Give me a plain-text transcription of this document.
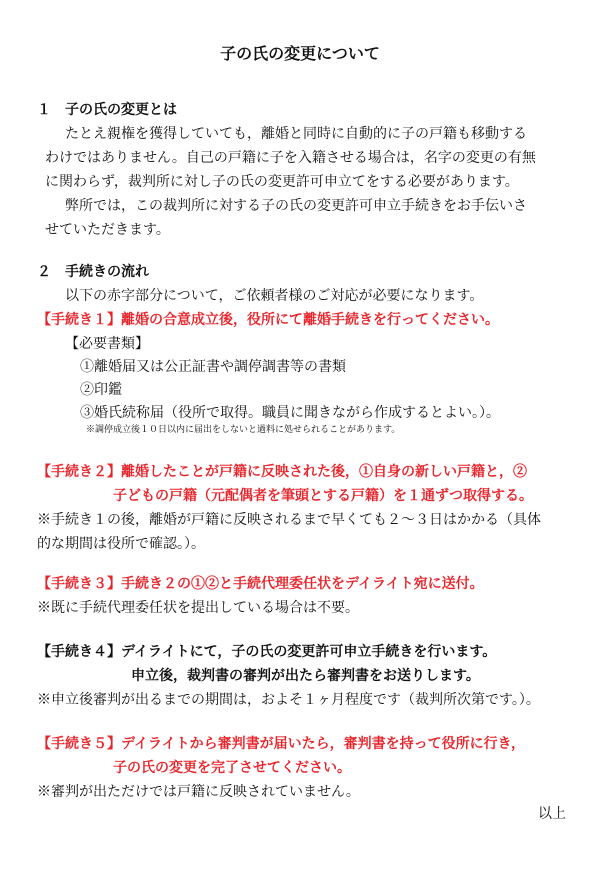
子の氏の変更について
１　子の氏の変更とは
たとえ親権を獲得していても，離婚と同時に自動的に子の戸籍も移動する
わけではありません。自己の戸籍に子を入籍させる場合は，名字の変更の有無
に関わらず，裁判所に対し子の氏の変更許可申立てをする必要があります。
弊所では，この裁判所に対する子の氏の変更許可申立手続きをお手伝いさ
せていただきます。
２　手続きの流れ
以下の赤字部分について，ご依頼者様のご対応が必要になります。
【手続き１】離婚の合意成立後，役所にて離婚手続きを行ってください。
【必要書類】
①離婚届又は公正証書や調停調書等の書類
②印鑑
③婚氏続称届（役所で取得。職員に聞きながら作成するとよい。）。
※調停成立後１０日以内に届出をしないと過料に処せられることがあります。
【手続き２】離婚したことが戸籍に反映された後，①自身の新しい戸籍と，②
子どもの戸籍（元配偶者を筆頭とする戸籍）を１通ずつ取得する。
※手続き１の後，離婚が戸籍に反映されるまで早くても２～３日はかかる（具体
的な期間は役所で確認。）。
【手続き３】手続き２の①②と手続代理委任状をデイライト宛に送付。
※既に手続代理委任状を提出している場合は不要。
【手続き４】デイライトにて，子の氏の変更許可申立手続きを行います。
申立後，裁判書の審判が出たら審判書をお送りします。
※申立後審判が出るまでの期間は，およそ１ヶ月程度です（裁判所次第です。）。
【手続き５】デイライトから審判書が届いたら，審判書を持って役所に行き，
子の氏の変更を完了させてください。
※審判が出ただけでは戸籍に反映されていません。
以上
